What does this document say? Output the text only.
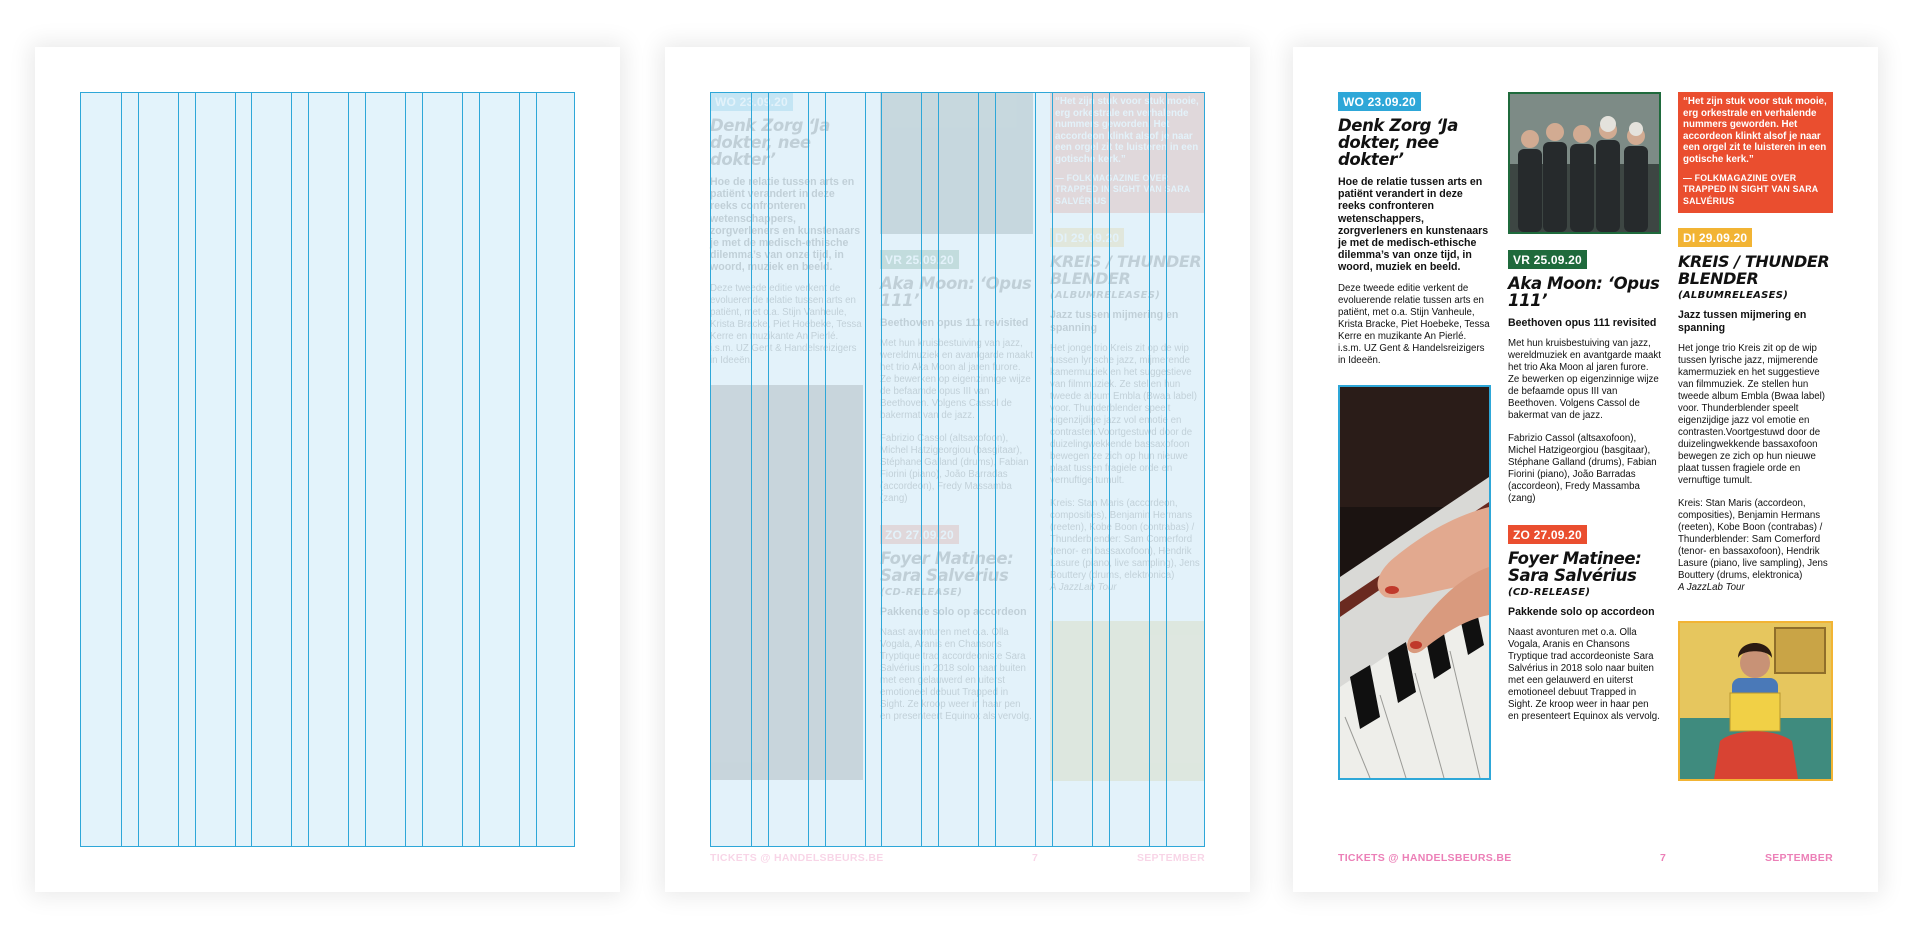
TICKETS @ HANDELSBEURS.BE	7	SEPTEMBER
WO 23.09.20
Denk Zorg ‘Ja dokter, nee dokter’
Hoe de relatie tussen arts en patiënt verandert in deze reeks confronteren wetenschappers, zorgverleners en kunstenaars je met de medisch-ethische dilemma’s van onze tijd, in woord, muziek en beeld.

Deze tweede editie verkent de evoluerende relatie tussen arts en patiënt, met o.a. Stijn Vanheule, Krista Bracke, Piet Hoebeke, Tessa Kerre en muzikante An Pierlé. i.s.m. UZ Gent & Handelsreizigers in Ideeën.

VR 25.09.20
Aka Moon: ‘Opus 111’
Beethoven opus 111 revisited

Met hun kruisbestuiving van jazz, wereldmuziek en avantgarde maakt het trio Aka Moon al jaren furore. Ze bewerken op eigenzinnige wijze de befaamde opus III van Beethoven. Volgens Cassol de bakermat van de jazz.

Fabrizio Cassol (altsaxofoon), Michel Hatzigeorgiou (basgitaar), Stéphane Galland (drums), Fabian Fiorini (piano), João Barradas (accordeon), Fredy Massamba (zang)

ZO 27.09.20
Foyer Matinee: Sara Salvérius
(CD-RELEASE)
Pakkende solo op accordeon

Naast avonturen met o.a. Olla Vogala, Aranis en Chansons Tryptique trad accordeoniste Sara Salvérius in 2018 solo naar buiten met een gelauwerd en uiterst emotioneel debuut Trapped in Sight. Ze kroop weer in haar pen en presenteert Equinox als vervolg.

“Het zijn stuk voor stuk mooie, erg orkestrale en verhalende nummers geworden. Het accordeon klinkt alsof je naar een orgel zit te luisteren in een gotische kerk.”
— FOLKMAGAZINE OVER TRAPPED IN SIGHT VAN SARA SALVÉRIUS
DI 29.09.20
KREIS / THUNDER BLENDER
(ALBUMRELEASES)
Jazz tussen mijmering en spanning

Het jonge trio Kreis zit op de wip tussen lyrische jazz, mijmerende kamermuziek en het suggestieve van filmmuziek. Ze stellen hun tweede album Embla (Bwaa label) voor. Thunderblender speelt eigenzijdige jazz vol emotie en contrasten.Voortgestuwd door de duizelingwekkende bassaxofoon bewegen ze zich op hun nieuwe plaat tussen fragiele orde en vernuftige tumult.

Kreis: Stan Maris (accordeon, composities), Benjamin Hermans (reeten), Kobe Boon (contrabas) / Thunderblender: Sam Comerford (tenor- en bassaxofoon), Hendrik Lasure (piano, live sampling), Jens Bouttery (drums, elektronica)

A JazzLab Tour

TICKETS @ HANDELSBEURS.BE	7	SEPTEMBER
